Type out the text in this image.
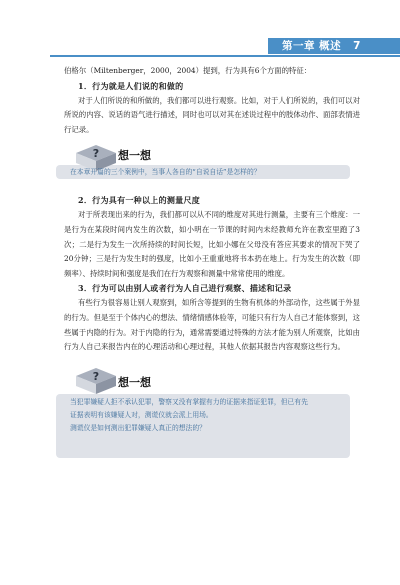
第一章 概述 7

伯格尔（Miltenberger，2000，2004）提到，行为具有6个方面的特征：

1．行为就是人们说的和做的

对于人们所说的和所做的，我们都可以进行观察。比如，对于人们所说的，我们可以对所说的内容、说话的语气进行描述，同时也可以对其在述说过程中的肢体动作、面部表情进行记录。

? 想一想
在本章开篇的三个案例中，当事人各自的“自说自话”是怎样的？
2．行为具有一种以上的测量尺度

对于所表现出来的行为，我们都可以从不同的维度对其进行测量，主要有三个维度：一是行为在某段时间内发生的次数，如小明在一节课的时间内未经教师允许在教室里跑了3次；二是行为发生一次所持续的时间长短，比如小娜在父母没有答应其要求的情况下哭了20分钟；三是行为发生时的强度，比如小王重重地将书本扔在地上。行为发生的次数（即频率）、持续时间和强度是我们在行为观察和测量中常常使用的维度。

3．行为可以由别人或者行为人自己进行观察、描述和记录

有些行为很容易让别人观察到，如所含等提到的生物有机体的外部动作，这些属于外显的行为。但是至于个体内心的想法、情绪情感体验等，可能只有行为人自己才能体察到，这些属于内隐的行为。对于内隐的行为，通常需要通过特殊的方法才能为别人所观察，比如由行为人自己来报告内在的心理活动和心理过程，其他人依据其报告内容观察这些行为。

? 想一想
当犯罪嫌疑人拒不承认犯罪，警察又没有掌握有力的证据来指证犯罪，但已有先
证据表明有该嫌疑人对，测谎仪就会派上用场。
测谎仪是如何测出犯罪嫌疑人真正的想法的？
